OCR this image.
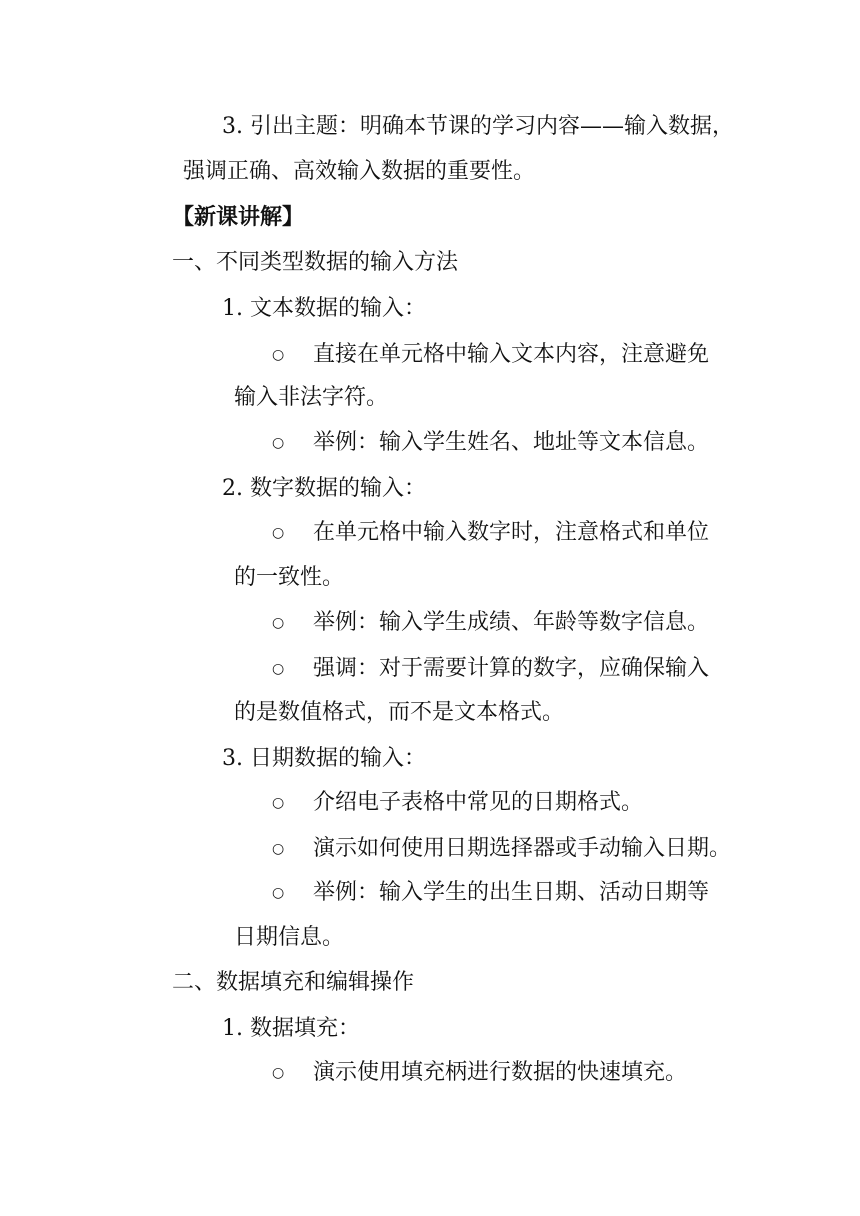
3. 引出主题：明确本节课的学习内容——输入数据，

强调正确、高效输入数据的重要性。

【新课讲解】

一、不同类型数据的输入方法

1. 文本数据的输入：

○ 直接在单元格中输入文本内容，注意避免

输入非法字符。

○ 举例：输入学生姓名、地址等文本信息。

2. 数字数据的输入：

○ 在单元格中输入数字时，注意格式和单位

的一致性。

○ 举例：输入学生成绩、年龄等数字信息。

○ 强调：对于需要计算的数字，应确保输入

的是数值格式，而不是文本格式。

3. 日期数据的输入：

○ 介绍电子表格中常见的日期格式。

○ 演示如何使用日期选择器或手动输入日期。

○ 举例：输入学生的出生日期、活动日期等

日期信息。

二、数据填充和编辑操作

1. 数据填充：

○ 演示使用填充柄进行数据的快速填充。
